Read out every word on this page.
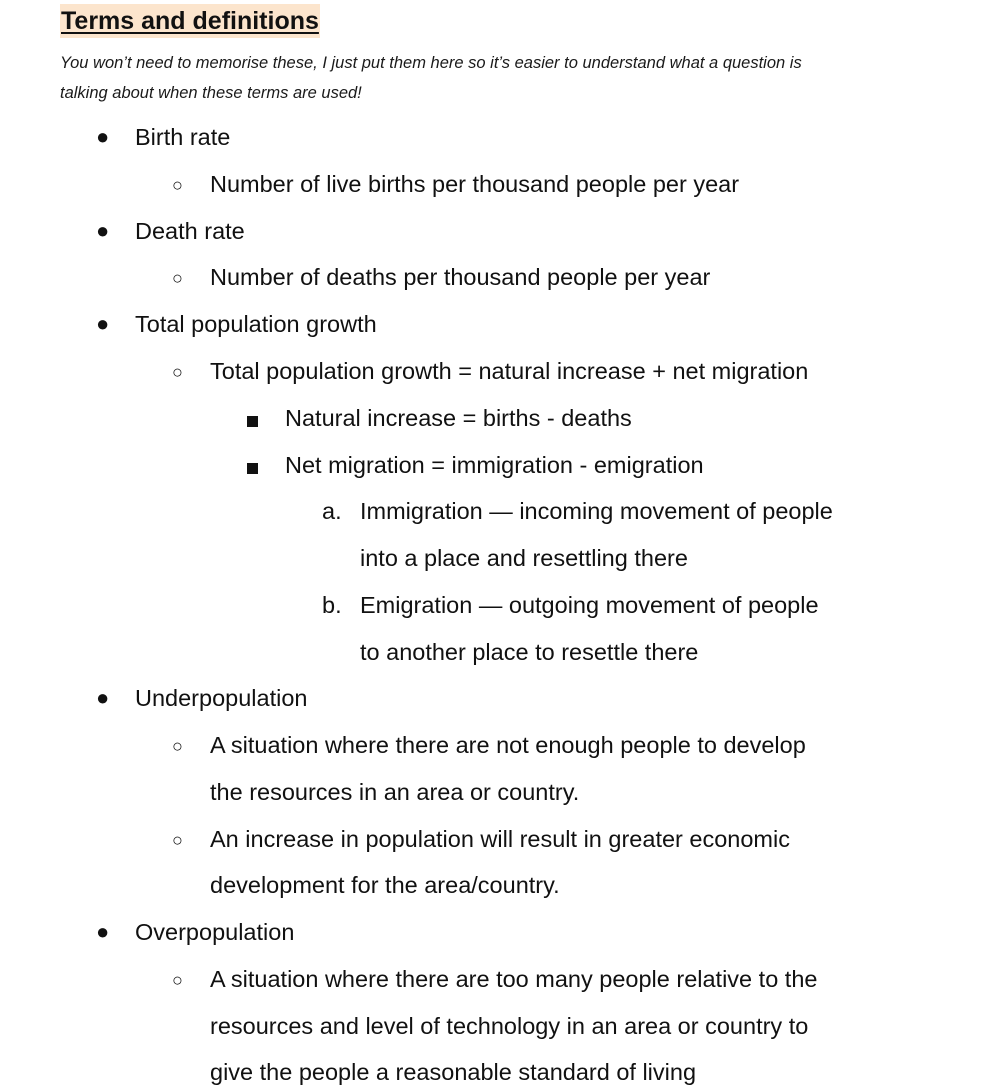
Terms and definitions
You won’t need to memorise these, I just put them here so it’s easier to understand what a question is
talking about when these terms are used!
● Birth rate
○ Number of live births per thousand people per year
● Death rate
○ Number of deaths per thousand people per year
● Total population growth
○ Total population growth = natural increase + net migration
Natural increase = births - deaths
Net migration = immigration - emigration
a. Immigration — incoming movement of people
into a place and resettling there
b. Emigration — outgoing movement of people
to another place to resettle there
● Underpopulation
○ A situation where there are not enough people to develop
the resources in an area or country.
○ An increase in population will result in greater economic
development for the area/country.
● Overpopulation
○ A situation where there are too many people relative to the
resources and level of technology in an area or country to
give the people a reasonable standard of living
